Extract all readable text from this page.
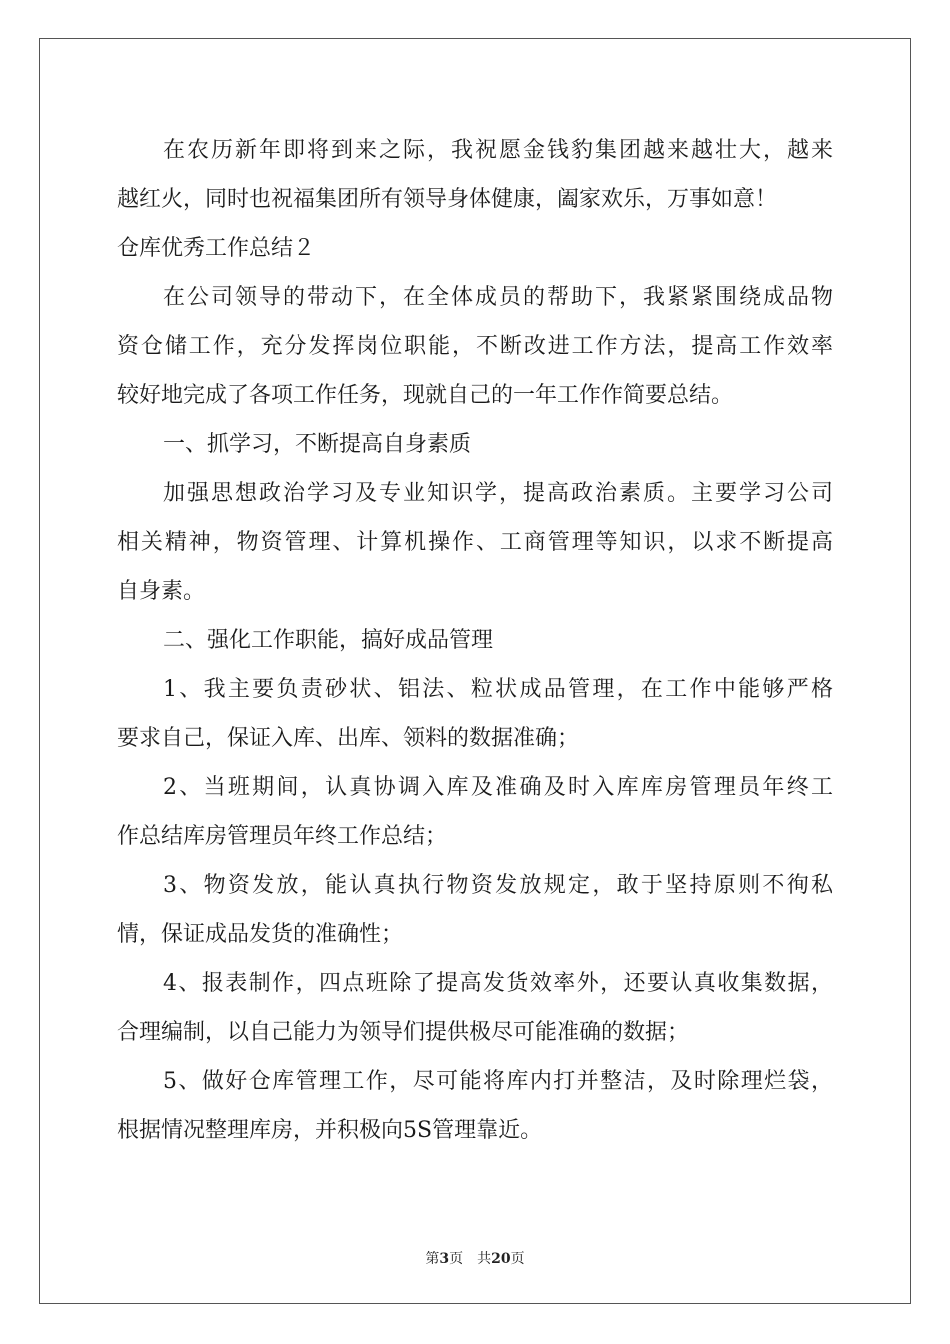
在农历新年即将到来之际，我祝愿金钱豹集团越来越壮大，越来
越红火，同时也祝福集团所有领导身体健康，阖家欢乐，万事如意！
仓库优秀工作总结２
在公司领导的带动下，在全体成员的帮助下，我紧紧围绕成品物
资仓储工作，充分发挥岗位职能，不断改进工作方法，提高工作效率
较好地完成了各项工作任务，现就自己的一年工作作简要总结。
一、抓学习，不断提高自身素质
加强思想政治学习及专业知识学，提高政治素质。主要学习公司
相关精神，物资管理、计算机操作、工商管理等知识，以求不断提高
自身素。
二、强化工作职能，搞好成品管理
1、我主要负责砂状、铝法、粒状成品管理，在工作中能够严格
要求自己，保证入库、出库、领料的数据准确；
2、当班期间，认真协调入库及准确及时入库库房管理员年终工
作总结库房管理员年终工作总结；
3、物资发放，能认真执行物资发放规定，敢于坚持原则不徇私
情，保证成品发货的准确性；
4、报表制作，四点班除了提高发货效率外，还要认真收集数据，
合理编制，以自己能力为领导们提供极尽可能准确的数据；
5、做好仓库管理工作，尽可能将库内打并整洁，及时除理烂袋，
根据情况整理库房，并积极向5S管理靠近。
第3页 共20页
